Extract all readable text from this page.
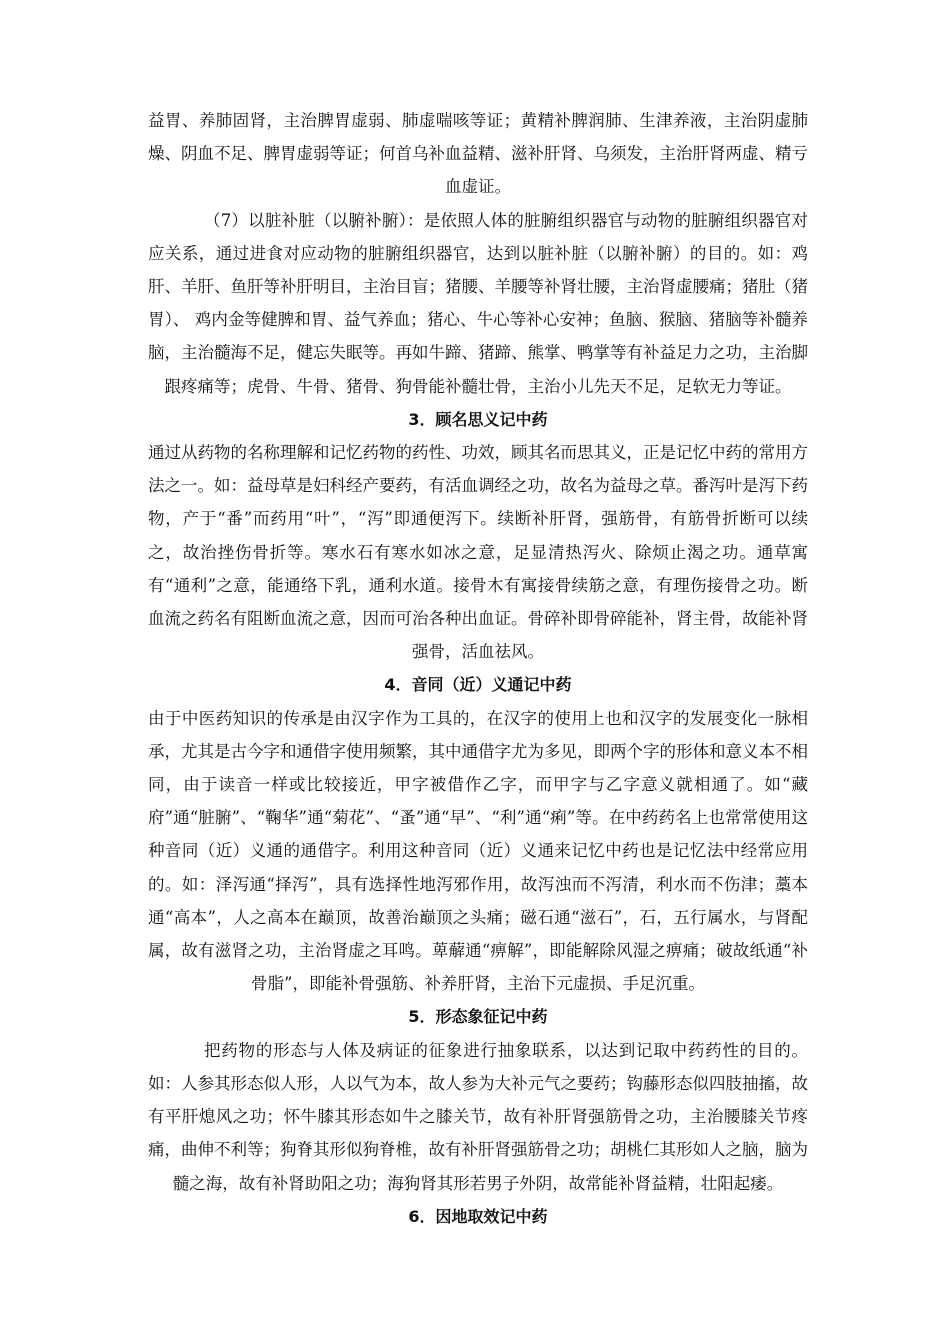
益胃、养肺固肾，主治脾胃虚弱、肺虚喘咳等证；黄精补脾润肺、生津养液，主治阴虚肺燥、阴血不足、脾胃虚弱等证；何首乌补血益精、滋补肝肾、乌须发，主治肝肾两虚、精亏血虚证。

（7）以脏补脏（以腑补腑）：是依照人体的脏腑组织器官与动物的脏腑组织器官对应关系，通过进食对应动物的脏腑组织器官，达到以脏补脏（以腑补腑）的目的。如：鸡肝、羊肝、鱼肝等补肝明目，主治目盲；猪腰、羊腰等补肾壮腰，主治肾虚腰痛；猪肚（猪胃）、 鸡内金等健脾和胃、益气养血；猪心、牛心等补心安神；鱼脑、猴脑、猪脑等补髓养脑，主治髓海不足，健忘失眠等。再如牛蹄、猪蹄、熊掌、鸭掌等有补益足力之功，主治脚跟疼痛等；虎骨、牛骨、猪骨、狗骨能补髓壮骨，主治小儿先天不足，足软无力等证。

3．顾名思义记中药

通过从药物的名称理解和记忆药物的药性、功效，顾其名而思其义，正是记忆中药的常用方法之一。如：益母草是妇科经产要药，有活血调经之功，故名为益母之草。番泻叶是泻下药物，产于“番”而药用“叶”，“泻”即通便泻下。续断补肝肾，强筋骨，有筋骨折断可以续之，故治挫伤骨折等。寒水石有寒水如冰之意，足显清热泻火、除烦止渴之功。通草寓有“通利”之意，能通络下乳，通利水道。接骨木有寓接骨续筋之意，有理伤接骨之功。断血流之药名有阻断血流之意，因而可治各种出血证。骨碎补即骨碎能补，肾主骨，故能补肾强骨，活血祛风。

4．音同（近）义通记中药

由于中医药知识的传承是由汉字作为工具的，在汉字的使用上也和汉字的发展变化一脉相承，尤其是古今字和通借字使用频繁，其中通借字尤为多见，即两个字的形体和意义本不相同，由于读音一样或比较接近，甲字被借作乙字，而甲字与乙字意义就相通了。如“藏府”通“脏腑”、“鞠华”通“菊花”、“蚤”通“早”、“利”通“痢”等。在中药药名上也常常使用这种音同（近）义通的通借字。利用这种音同（近）义通来记忆中药也是记忆法中经常应用的。如：泽泻通“择泻”，具有选择性地泻邪作用，故泻浊而不泻清，利水而不伤津；藁本通“高本”，人之高本在巅顶，故善治巅顶之头痛；磁石通“滋石”，石，五行属水，与肾配属，故有滋肾之功，主治肾虚之耳鸣。萆薢通“痹解”，即能解除风湿之痹痛；破故纸通“补骨脂”，即能补骨强筋、补养肝肾，主治下元虚损、手足沉重。

5．形态象征记中药

把药物的形态与人体及病证的征象进行抽象联系，以达到记取中药药性的目的。如：人参其形态似人形，人以气为本，故人参为大补元气之要药；钩藤形态似四肢抽搐，故有平肝熄风之功；怀牛膝其形态如牛之膝关节，故有补肝肾强筋骨之功，主治腰膝关节疼痛，曲伸不利等；狗脊其形似狗脊椎，故有补肝肾强筋骨之功；胡桃仁其形如人之脑，脑为髓之海，故有补肾助阳之功；海狗肾其形若男子外阴，故常能补肾益精，壮阳起痿。

6．因地取效记中药
